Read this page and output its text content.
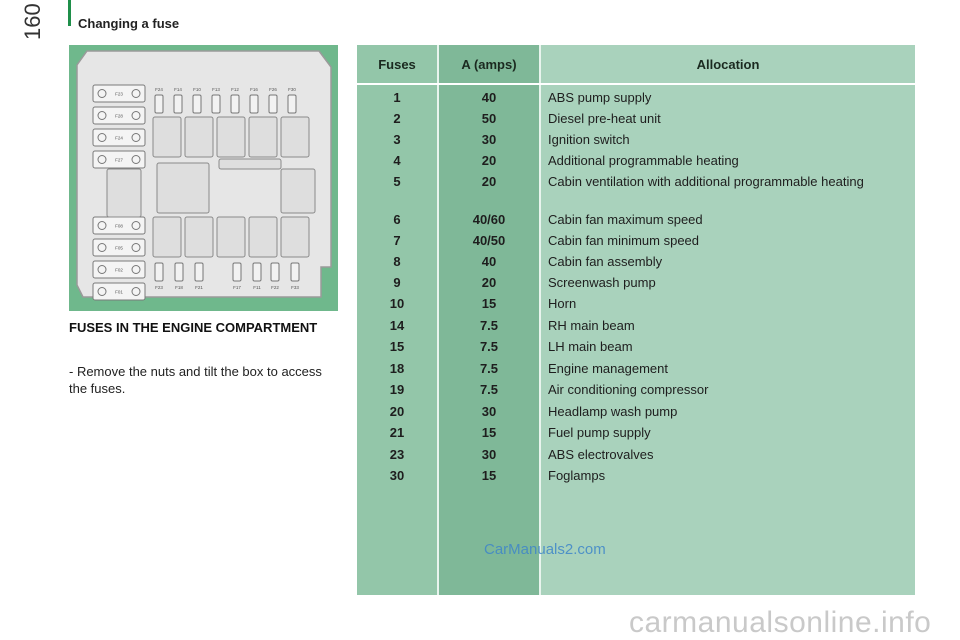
160	Changing a fuse
F24 F14 F10 F13 F12 F16 F26 F30
F23	F18	F21	F17	F11 F22	F33
F23
F28
F24
F27
F08
F05
F02
F01
FUSES IN THE ENGINE COMPARTMENT
- Remove the nuts and tilt the box to access the fuses.
Fuses	A (amps)	Allocation
1	40	ABS pump supply
2	50	Diesel pre-heat unit
3	30	Ignition switch
4	20	Additional programmable heating
5	20	Cabin ventilation with additional programmable heating
6	40/60	Cabin fan maximum speed
7	40/50	Cabin fan minimum speed
8	40	Cabin fan assembly
9	20	Screenwash pump
10	15	Horn
14	7.5	RH main beam
15	7.5	LH main beam
18	7.5	Engine management
19	7.5	Air conditioning compressor
20	30	Headlamp wash pump
21	15	Fuel pump supply
23	30	ABS electrovalves
30	15	Foglamps
CarManuals2.com
carmanualsonline.info
